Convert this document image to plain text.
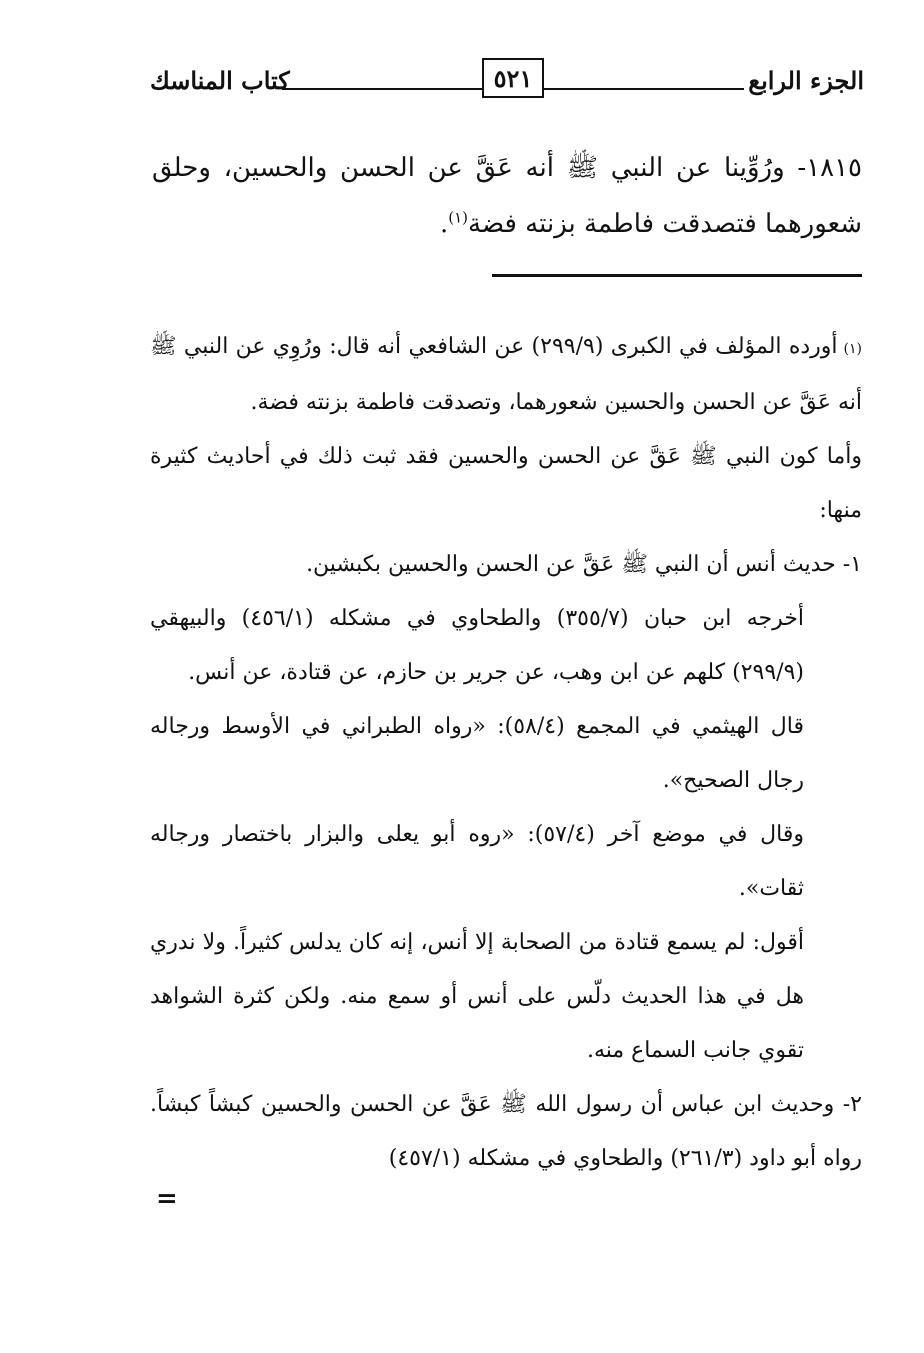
الجزء الرابع
٥٢١
كتاب المناسك

١٨١٥- ورُوِّينا عن النبي ﷺ أنه عَقَّ عن الحسن والحسين، وحلق شعورهما فتصدقت فاطمة بزنته فضة$^{(١)}$.

(١)أورده المؤلف في الكبرى (٢٩٩/٩) عن الشافعي أنه قال: ورُوِي عن النبي ﷺ أنه عَقَّ عن الحسن والحسين شعورهما، وتصدقت فاطمة بزنته فضة.

وأما كون النبي ﷺ عَقَّ عن الحسن والحسين فقد ثبت ذلك في أحاديث كثيرة منها:

١- حديث أنس أن النبي ﷺ عَقَّ عن الحسن والحسين بكبشين.

أخرجه ابن حبان (٣٥٥/٧) والطحاوي في مشكله (٤٥٦/١) والبيهقي (٢٩٩/٩) كلهم عن ابن وهب، عن جرير بن حازم، عن قتادة، عن أنس.

قال الهيثمي في المجمع (٥٨/٤): «رواه الطبراني في الأوسط ورجاله رجال الصحيح».

وقال في موضع آخر (٥٧/٤): «روه أبو يعلى والبزار باختصار ورجاله ثقات».

أقول: لم يسمع قتادة من الصحابة إلا أنس، إنه كان يدلس كثيراً. ولا ندري هل في هذا الحديث دلّس على أنس أو سمع منه. ولكن كثرة الشواهد تقوي جانب السماع منه.

٢- وحديث ابن عباس أن رسول الله ﷺ عَقَّ عن الحسن والحسين كبشاً كبشاً. رواه أبو داود (٢٦١/٣) والطحاوي في مشكله (٤٥٧/١)

=
